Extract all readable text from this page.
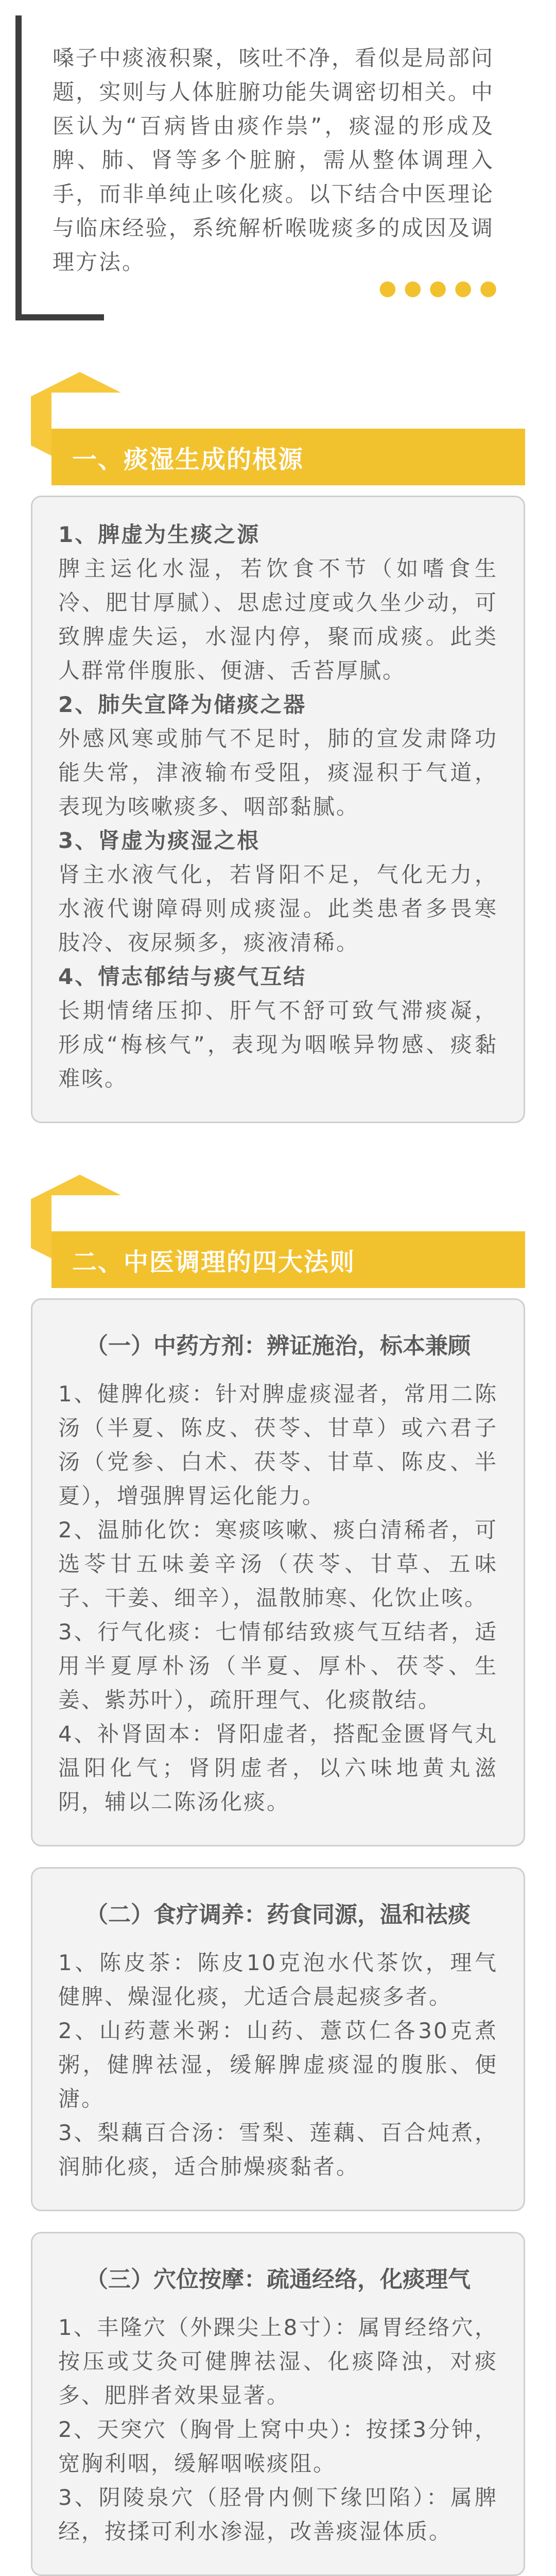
嗓子中痰液积聚，咳吐不净，看似是局部问题，实则与人体脏腑功能失调密切相关。中医认为“百病皆由痰作祟”，痰湿的形成及脾、肺、肾等多个脏腑，需从整体调理入手，而非单纯止咳化痰。以下结合中医理论与临床经验，系统解析喉咙痰多的成因及调理方法。

●●●●●
一、痰湿生成的根源

1、脾虚为生痰之源

脾主运化水湿，若饮食不节（如嗜食生冷、肥甘厚腻）、思虑过度或久坐少动，可致脾虚失运，水湿内停，聚而成痰。此类人群常伴腹胀、便溏、舌苔厚腻。

2、肺失宣降为储痰之器

外感风寒或肺气不足时，肺的宣发肃降功能失常，津液输布受阻，痰湿积于气道，表现为咳嗽痰多、咽部黏腻。

3、肾虚为痰湿之根

肾主水液气化，若肾阳不足，气化无力，水液代谢障碍则成痰湿。此类患者多畏寒肢冷、夜尿频多，痰液清稀。

4、情志郁结与痰气互结

长期情绪压抑、肝气不舒可致气滞痰凝，形成“梅核气”，表现为咽喉异物感、痰黏难咳。

二、中医调理的四大法则
（一）中药方剂：辨证施治，标本兼顾

1、健脾化痰：针对脾虚痰湿者，常用二陈汤（半夏、陈皮、茯苓、甘草）或六君子汤（党参、白术、茯苓、甘草、陈皮、半夏），增强脾胃运化能力。

2、温肺化饮：寒痰咳嗽、痰白清稀者，可选苓甘五味姜辛汤（茯苓、甘草、五味子、干姜、细辛），温散肺寒、化饮止咳。

3、行气化痰：七情郁结致痰气互结者，适用半夏厚朴汤（半夏、厚朴、茯苓、生姜、紫苏叶），疏肝理气、化痰散结。

4、补肾固本：肾阳虚者，搭配金匮肾气丸温阳化气；肾阴虚者，以六味地黄丸滋阴，辅以二陈汤化痰。

（二）食疗调养：药食同源，温和祛痰

1、陈皮茶：陈皮10克泡水代茶饮，理气健脾、燥湿化痰，尤适合晨起痰多者。

2、山药薏米粥：山药、薏苡仁各30克煮粥，健脾祛湿，缓解脾虚痰湿的腹胀、便溏。

3、梨藕百合汤：雪梨、莲藕、百合炖煮，润肺化痰，适合肺燥痰黏者。

（三）穴位按摩：疏通经络，化痰理气

1、丰隆穴（外踝尖上8寸）：属胃经络穴，按压或艾灸可健脾祛湿、化痰降浊，对痰多、肥胖者效果显著。

2、天突穴（胸骨上窝中央）：按揉3分钟，宽胸利咽，缓解咽喉痰阻。

3、阴陵泉穴（胫骨内侧下缘凹陷）：属脾经，按揉可利水渗湿，改善痰湿体质。
